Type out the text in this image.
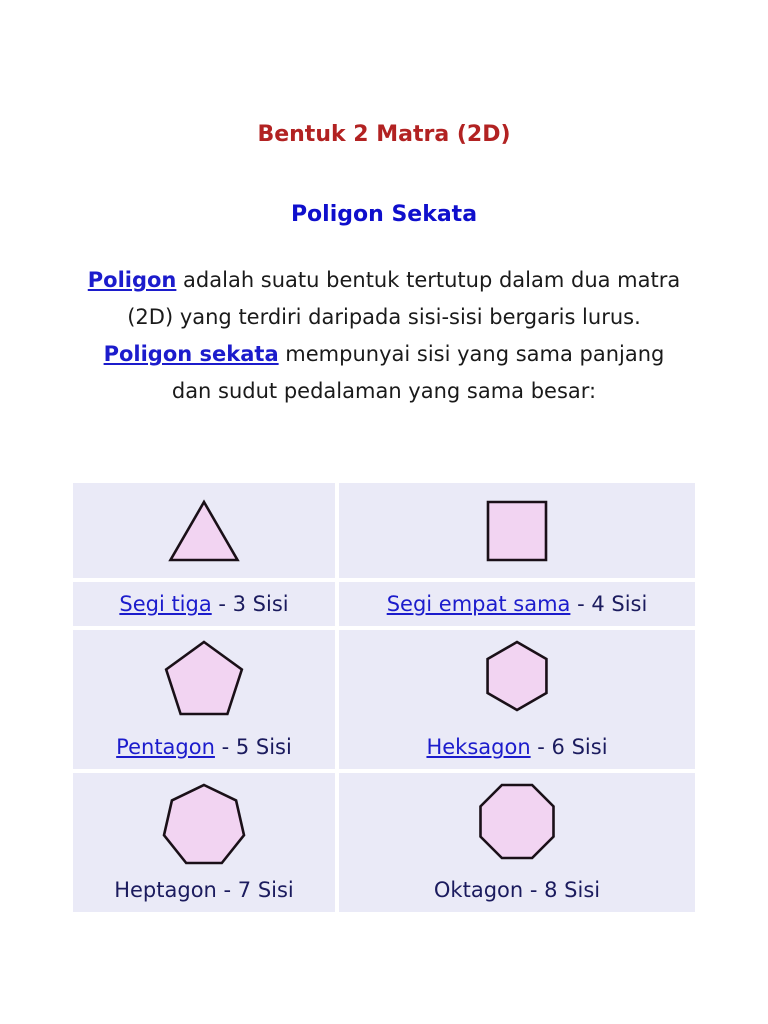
Bentuk 2 Matra (2D)
Poligon Sekata

Poligon adalah suatu bentuk tertutup dalam dua matra (2D) yang terdiri daripada sisi-sisi bergaris lurus.

Poligon sekata mempunyai sisi yang sama panjang dan sudut pedalaman yang sama besar:

Segi tiga - 3 Sisi	Segi empat sama - 4 Sisi
Pentagon - 5 Sisi	Heksagon - 6 Sisi
Heptagon - 7 Sisi	Oktagon - 8 Sisi
